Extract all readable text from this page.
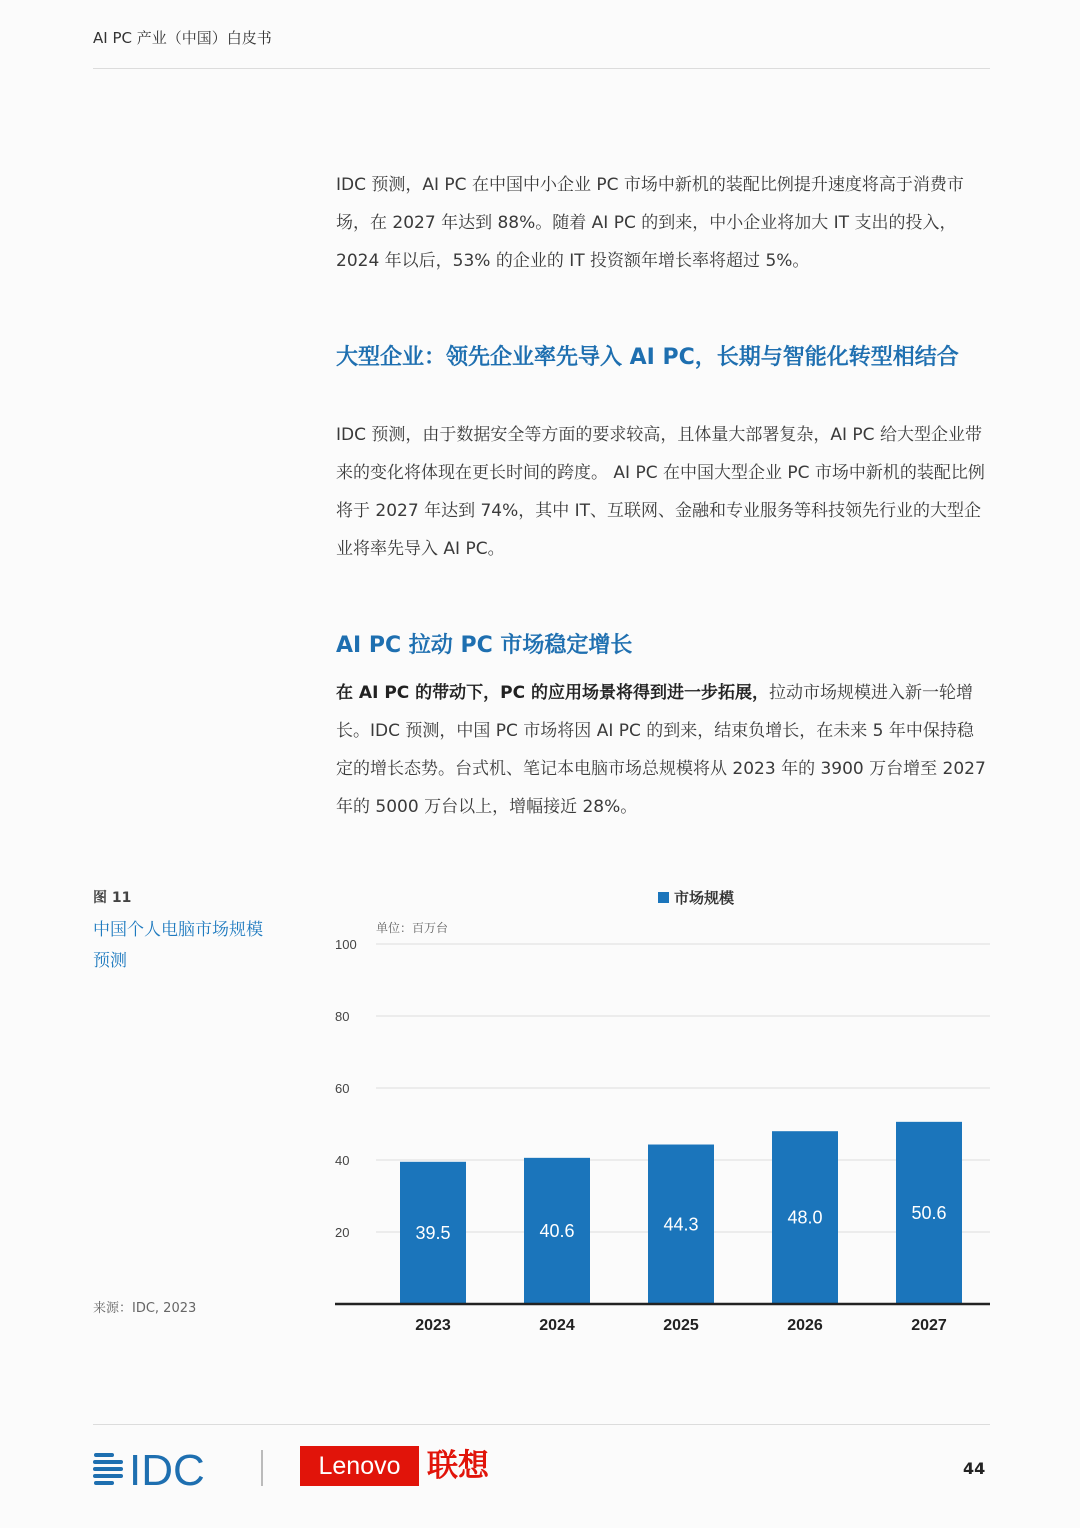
AI PC 产业（中国）白皮书

IDC 预测，AI PC 在中国中小企业 PC 市场中新机的装配比例提升速度将高于消费市场，在 2027 年达到 88%。随着 AI PC 的到来，中小企业将加大 IT 支出的投入，2024 年以后，53% 的企业的 IT 投资额年增长率将超过 5%。

大型企业：领先企业率先导入 AI PC，长期与智能化转型相结合

IDC 预测，由于数据安全等方面的要求较高，且体量大部署复杂，AI PC 给大型企业带来的变化将体现在更长时间的跨度。 AI PC 在中国大型企业 PC 市场中新机的装配比例将于 2027 年达到 74%，其中 IT、互联网、金融和专业服务等科技领先行业的大型企业将率先导入 AI PC。

AI PC 拉动 PC 市场稳定增长

在 AI PC 的带动下，PC 的应用场景将得到进一步拓展，拉动市场规模进入新一轮增长。IDC 预测，中国 PC 市场将因 AI PC 的到来，结束负增长，在未来 5 年中保持稳定的增长态势。台式机、笔记本电脑市场总规模将从 2023 年的 3900 万台增至 2027 年的 5000 万台以上，增幅接近 28%。

图 11
中国个人电脑市场规模预测
来源：IDC, 2023
市场规模
单位：百万台
20
40
60
80
100
39.5
2023
40.6
2024
44.3
2025
48.0
2026
50.6
2027
IDC	Lenovo 联想	44
